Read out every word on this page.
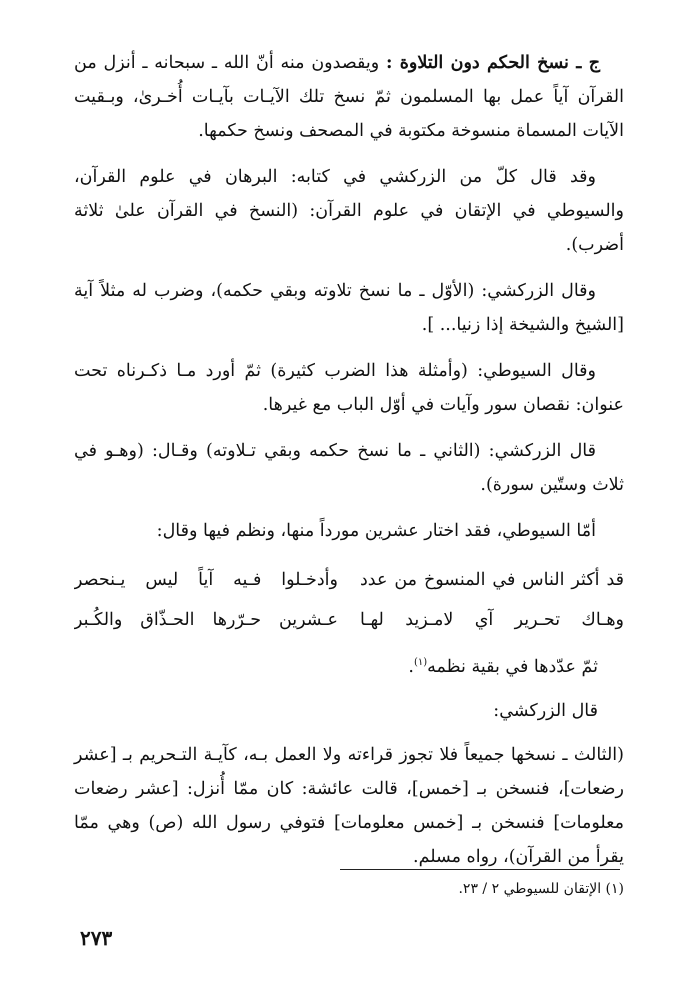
ج ـ نسخ الحكم دون التلاوة : ويقصدون منه أنّ الله ـ سبحانه ـ أنزل من القرآن آياً عمل بها المسلمون ثمّ نسخ تلك الآيـات بآيـات أُخـرىٰ، وبـقيت الآيات المسماة منسوخة مكتوبة في المصحف ونسخ حكمها.

وقد قال كلّ من الزركشي في كتابه: البرهان في علوم القرآن، والسيوطي في الإتقان في علوم القرآن: (النسخ في القرآن علىٰ ثلاثة أضرب).

وقال الزركشي: (الأوّل ـ ما نسخ تلاوته وبقي حكمه)، وضرب له مثلاً آية [الشيخ والشيخة إذا زنيا... ].

وقال السيوطي: (وأمثلة هذا الضرب كثيرة) ثمّ أورد مـا ذكـرناه تحت عنوان: نقصان سور وآيات في أوّل الباب مع غيرها.

قال الزركشي: (الثاني ـ ما نسخ حكمه وبقي تـلاوته) وقـال: (وهـو في ثلاث وستّين سورة).

أمّا السيوطي، فقد اختار عشرين مورداً منها، ونظم فيها وقال:

قد أكثر الناس في المنسوخ من عدد
وأدخـلوا فـيه آياً ليس يـنحصر
وهـاك تحـرير آي لامـزيد لهـا
عـشرين حـرّرها الحـذّاق والكُـبر

ثمّ عدّدها في بقية نظمه$^{(١)}$.

قال الزركشي:

(الثالث ـ نسخها جميعاً فلا تجوز قراءته ولا العمل بـه، كآيـة التـحريم بـ [عشر رضعات]، فنسخن بـ [خمس]، قالت عائشة: كان ممّا أُنزل: [عشر رضعات معلومات] فنسخن بـ [خمس معلومات] فتوفي رسول الله (ص) وهي ممّا يقرأ من القرآن)، رواه مسلم.

(١) الإتقان للسيوطي ٢ / ٢٣.
٢٧٣
